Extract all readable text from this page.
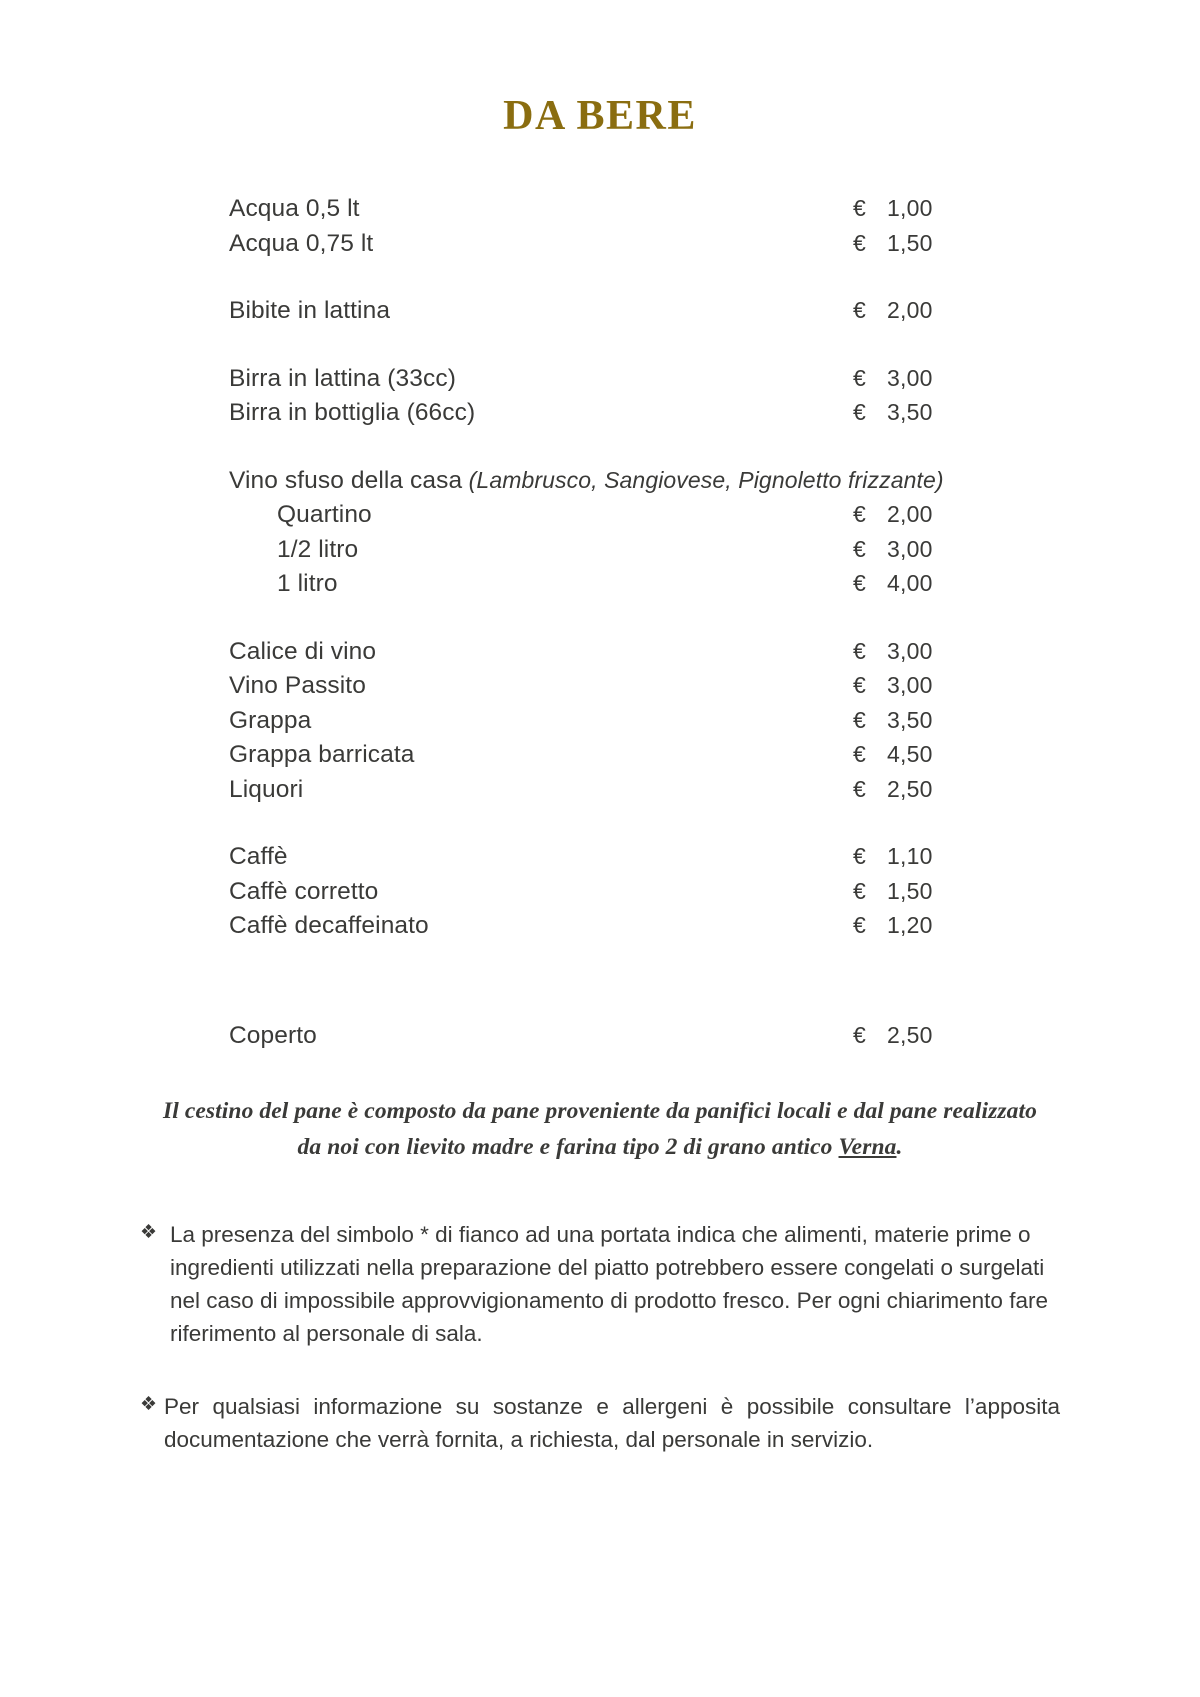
DA BERE
Acqua 0,5 lt	€ 1,00
Acqua 0,75 lt	€ 1,50
Bibite in lattina	€ 2,00
Birra in lattina (33cc)	€ 3,00
Birra in bottiglia (66cc)	€ 3,50
Vino sfuso della casa (Lambrusco, Sangiovese, Pignoletto frizzante)
Quartino	€ 2,00
1/2 litro	€ 3,00
1 litro	€ 4,00
Calice di vino	€ 3,00
Vino Passito	€ 3,00
Grappa	€ 3,50
Grappa barricata	€ 4,50
Liquori	€ 2,50
Caffè	€ 1,10
Caffè corretto	€ 1,50
Caffè decaffeinato	€ 1,20
Coperto	€ 2,50
Il cestino del pane è composto da pane proveniente da panifici locali e dal pane realizzato
da noi con lievito madre e farina tipo 2 di grano antico Verna.
❖ La presenza del simbolo * di fianco ad una portata indica che alimenti, materie prime o ingredienti utilizzati nella preparazione del piatto potrebbero essere congelati o surgelati nel caso di impossibile approvvigionamento di prodotto fresco. Per ogni chiarimento fare riferimento al personale di sala.
❖ Per qualsiasi informazione su sostanze e allergeni è possibile consultare l’apposita documentazione che verrà fornita, a richiesta, dal personale in servizio.
